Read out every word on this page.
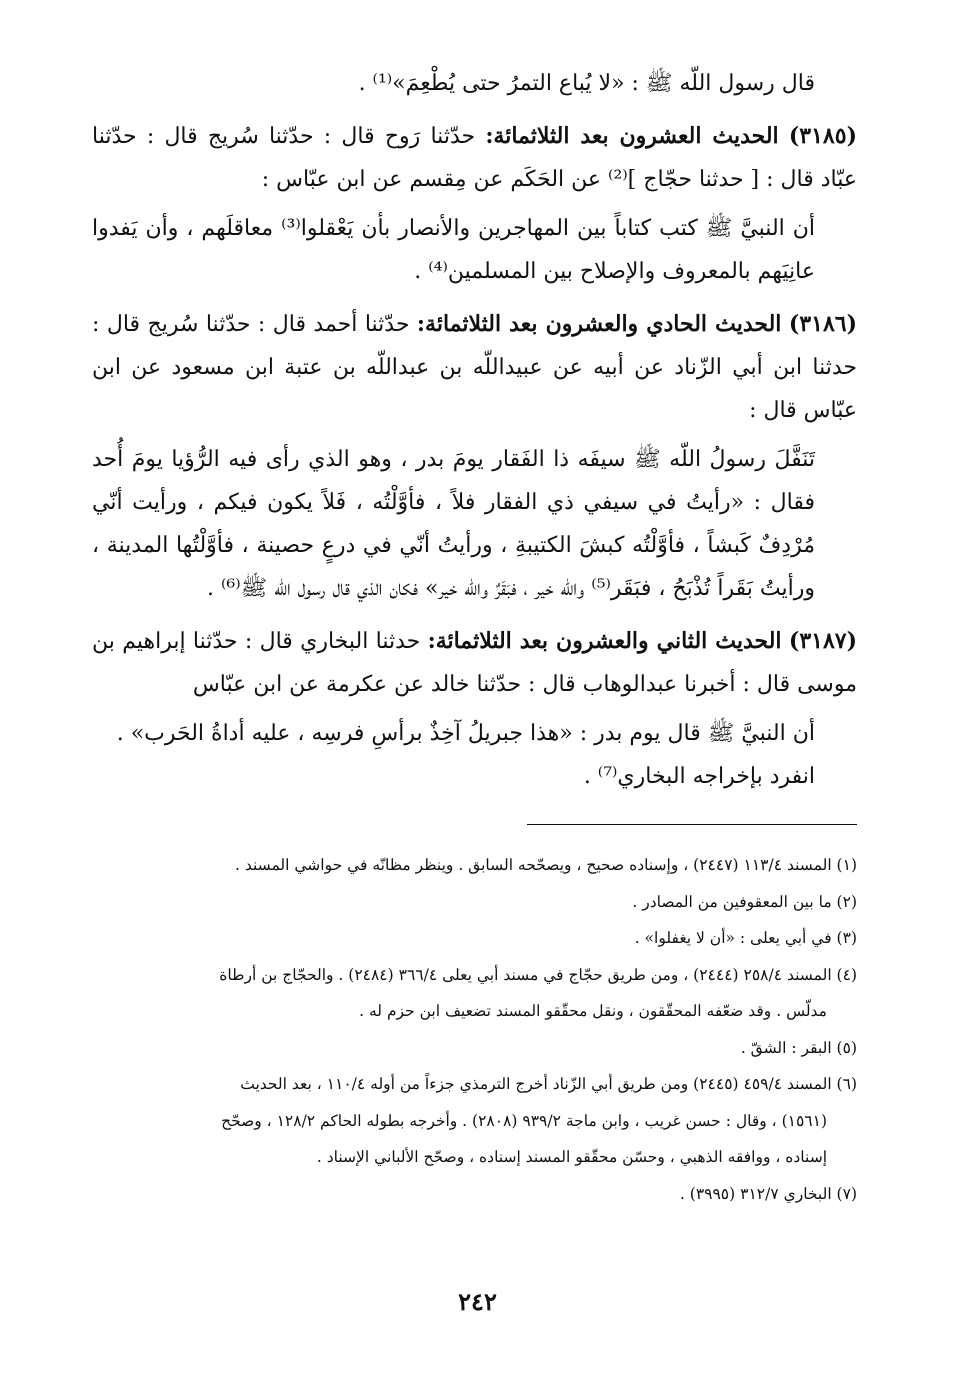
قال رسول اللّه ﷺ : «لا يُباع التمرُ حتى يُطْعِمَ»⁽¹⁾ .

(٣١٨٥) الحديث العشرون بعد الثلاثمائة: حدّثنا رَوح قال : حدّثنا سُريج قال : حدّثنا عبّاد قال : [ حدثنا حجّاج ]⁽²⁾ عن الحَكَم عن مِقسم عن ابن عبّاس :

أن النبيَّ ﷺ كتب كتاباً بين المهاجرين والأنصار بأن يَعْقلوا⁽³⁾ معاقلَهم ، وأن يَفدوا عانِيَهم بالمعروف والإصلاح بين المسلمين⁽⁴⁾ .

(٣١٨٦) الحديث الحادي والعشرون بعد الثلاثمائة: حدّثنا أحمد قال : حدّثنا سُريج قال : حدثنا ابن أبي الزّناد عن أبيه عن عبيداللّه بن عبداللّه بن عتبة ابن مسعود عن ابن عبّاس قال :

تَنَفَّلَ رسولُ اللّه ﷺ سيفَه ذا الفَقار يومَ بدر ، وهو الذي رأى فيه الرُّؤيا يومَ أُحد فقال : «رأيتُ في سيفي ذي الفقار فلاً ، فأوَّلْتُه ، فَلاً يكون فيكم ، ورأيت أنّي مُرْدِفٌ كَبشاً ، فأوَّلْتُه كبشَ الكتيبةِ ، ورأيتُ أنّي في درعٍ حصينة ، فأوَّلْتُها المدينة ، ورأيتُ بَقَراً تُذْبَحُ ، فبَقَر⁽⁵⁾ واللّه خير ، فبَقَرٌ واللّه خير» فكان الذي قال رسول اللّه ﷺ⁽⁶⁾ .

(٣١٨٧) الحديث الثاني والعشرون بعد الثلاثمائة: حدثنا البخاري قال : حدّثنا إبراهيم بن موسى قال : أخبرنا عبدالوهاب قال : حدّثنا خالد عن عكرمة عن ابن عبّاس

أن النبيَّ ﷺ قال يوم بدر : «هذا جبريلُ آخِذٌ برأسِ فرسِه ، عليه أداةُ الحَرب» .

انفرد بإخراجه البخاري⁽⁷⁾ .

(١) المسند ١١٣/٤ (٢٤٤٧) ، وإسناده صحيح ، ويصحّحه السابق . وينظر مظانّه في حواشي المسند .

(٢) ما بين المعقوفين من المصادر .

(٣) في أبي يعلى : «أن لا يغفلوا» .

(٤) المسند ٢٥٨/٤ (٢٤٤٤) ، ومن طريق حجّاج في مسند أبي يعلى ٣٦٦/٤ (٢٤٨٤) . والحجّاج بن أرطاة

مدلّس . وقد ضعّفه المحقّقون ، ونقل محقّقو المسند تضعيف ابن حزم له .

(٥) البقر : الشقّ .

(٦) المسند ٤٥٩/٤ (٢٤٤٥) ومن طريق أبي الزّناد أخرج الترمذي جزءاً من أوله ١١٠/٤ ، بعد الحديث

(١٥٦١) ، وقال : حسن غريب ، وابن ماجة ٩٣٩/٢ (٢٨٠٨) . وأخرجه بطوله الحاكم ١٢٨/٢ ، وصحّح

إسناده ، ووافقه الذهبي ، وحسّن محقّقو المسند إسناده ، وصحّح الألباني الإسناد .

(٧) البخاري ٣١٢/٧ (٣٩٩٥) .

٢٤٢
